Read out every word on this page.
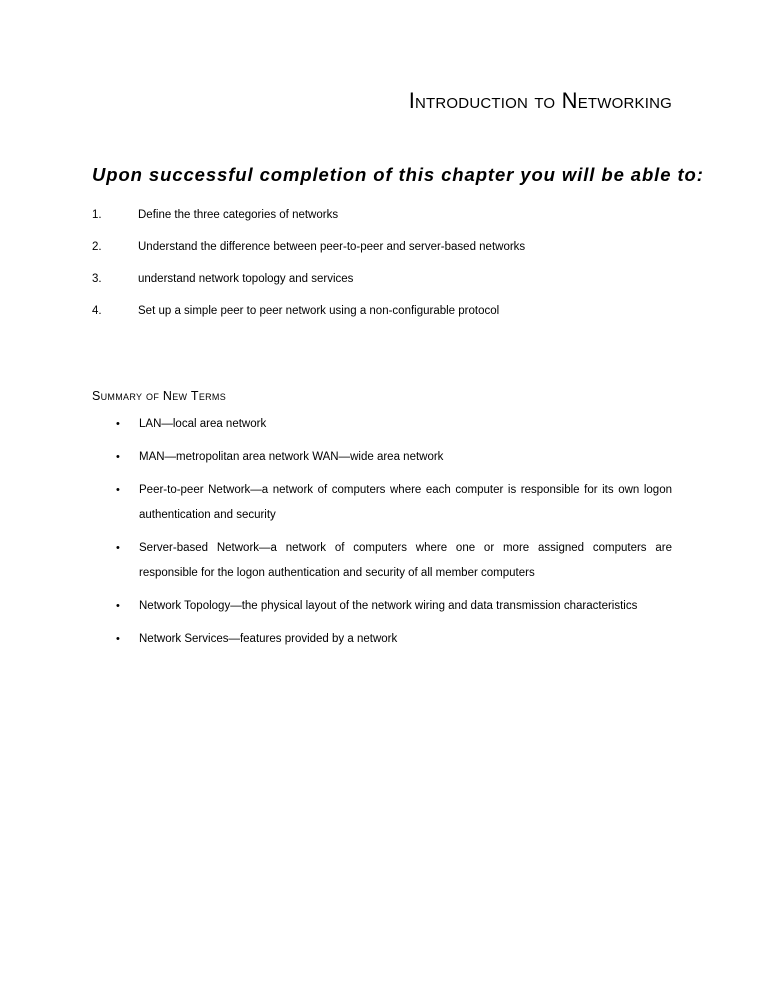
Introduction to Networking
Upon successful completion of this chapter you will be able to:
1.	Define the three categories of networks
2.	Understand the difference between peer-to-peer and server-based networks
3.	understand network topology and services
4.	Set up a simple peer to peer network using a non-configurable protocol
Summary of New Terms
• LAN—local area network
• MAN—metropolitan area network WAN—wide area network
• Peer-to-peer Network—a network of computers where each computer is responsible for its own logon authentication and security
• Server-based Network—a network of computers where one or more assigned computers are responsible for the logon authentication and security of all member computers
• Network Topology—the physical layout of the network wiring and data transmission characteristics
• Network Services—features provided by a network
